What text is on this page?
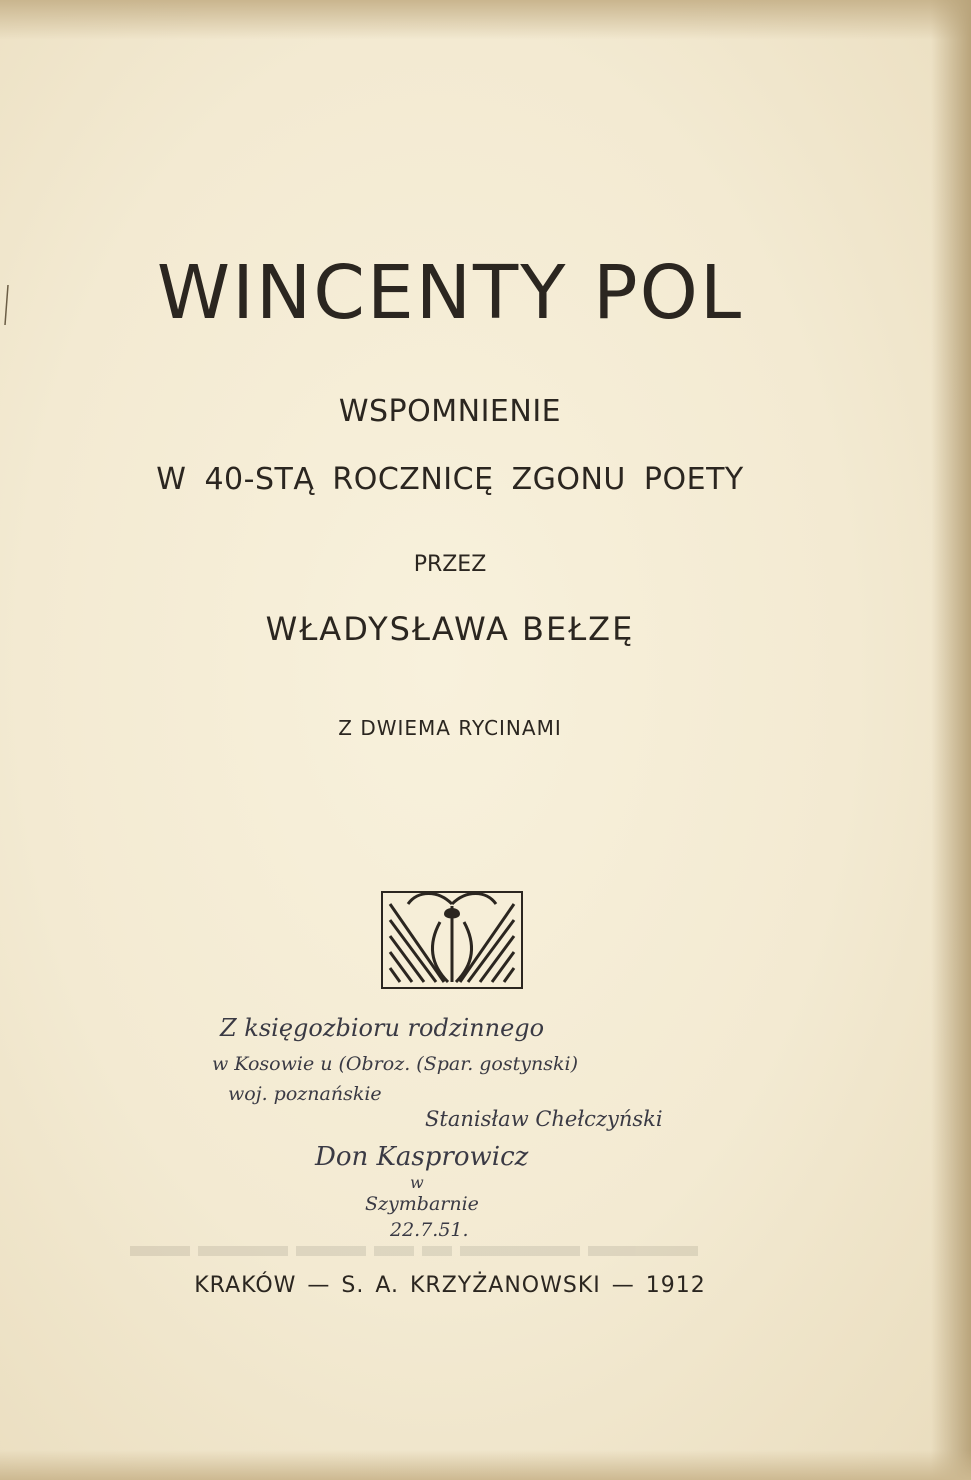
WINCENTY POL
WSPOMNIENIE
W 40-STĄ ROCZNICĘ ZGONU POETY
PRZEZ
WŁADYSŁAWA BEŁZĘ
Z DWIEMA RYCINAMI
Z księgozbioru rodzinnego
w Kosowie u (Obroz. (Spar. gostynski)
woj. poznańskie
Stanisław Chełczyński
Don Kasprowicz
w
Szymbarnie
22.7.51.
KRAKÓW — S. A. KRZYŻANOWSKI — 1912
